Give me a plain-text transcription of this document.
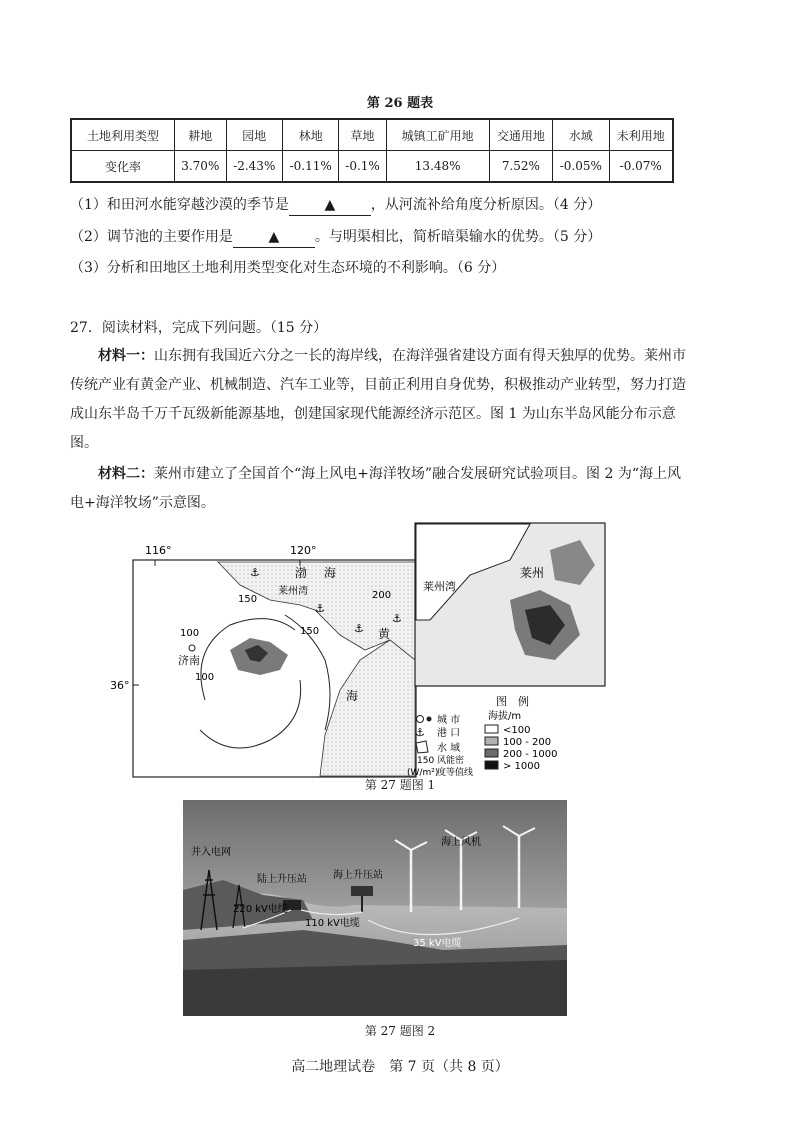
第 26 题表
土地利用类型	耕地	园地	林地	草地	城镇工矿用地	交通用地	水域	未利用地
变化率	3.70%	-2.43%	-0.11%	-0.1%	13.48%	7.52%	-0.05%	-0.07%
（1）和田河水能穿越沙漠的季节是	▲	，从河流补给角度分析原因。（4 分）
（2）调节池的主要作用是	▲	。与明渠相比，简析暗渠输水的优势。（5 分）
（3）分析和田地区土地利用类型变化对生态环境的不利影响。（6 分）
27．阅读材料，完成下列问题。（15 分）
材料一：山东拥有我国近六分之一长的海岸线，在海洋强省建设方面有得天独厚的优势。莱州市传统产业有黄金产业、机械制造、汽车工业等，目前正利用自身优势，积极推动产业转型，努力打造成山东半岛千万千瓦级新能源基地，创建国家现代能源经济示范区。图 1 为山东半岛风能分布示意图。
材料二：莱州市建立了全国首个“海上风电+海洋牧场”融合发展研究试验项目。图 2 为“海上风电+海洋牧场”示意图。
116°	120°
36°
渤 海
莱州湾
黄
海
济南
150
150
200
100
100
⚓
⚓
⚓
⚓
莱州湾
莱州
图　例
城 市
⚓ 港 口
水 域
150 风能密
(W/m²)
度等值线
海拔/m
<100
100 - 200
200 - 1000
> 1000
第 27 题图 1
并入电网
陆上升压站	海上升压站
海上风机
220 kV电缆
110 kV电缆
35 kV电缆
第 27 题图 2
高二地理试卷　第 7 页（共 8 页）
